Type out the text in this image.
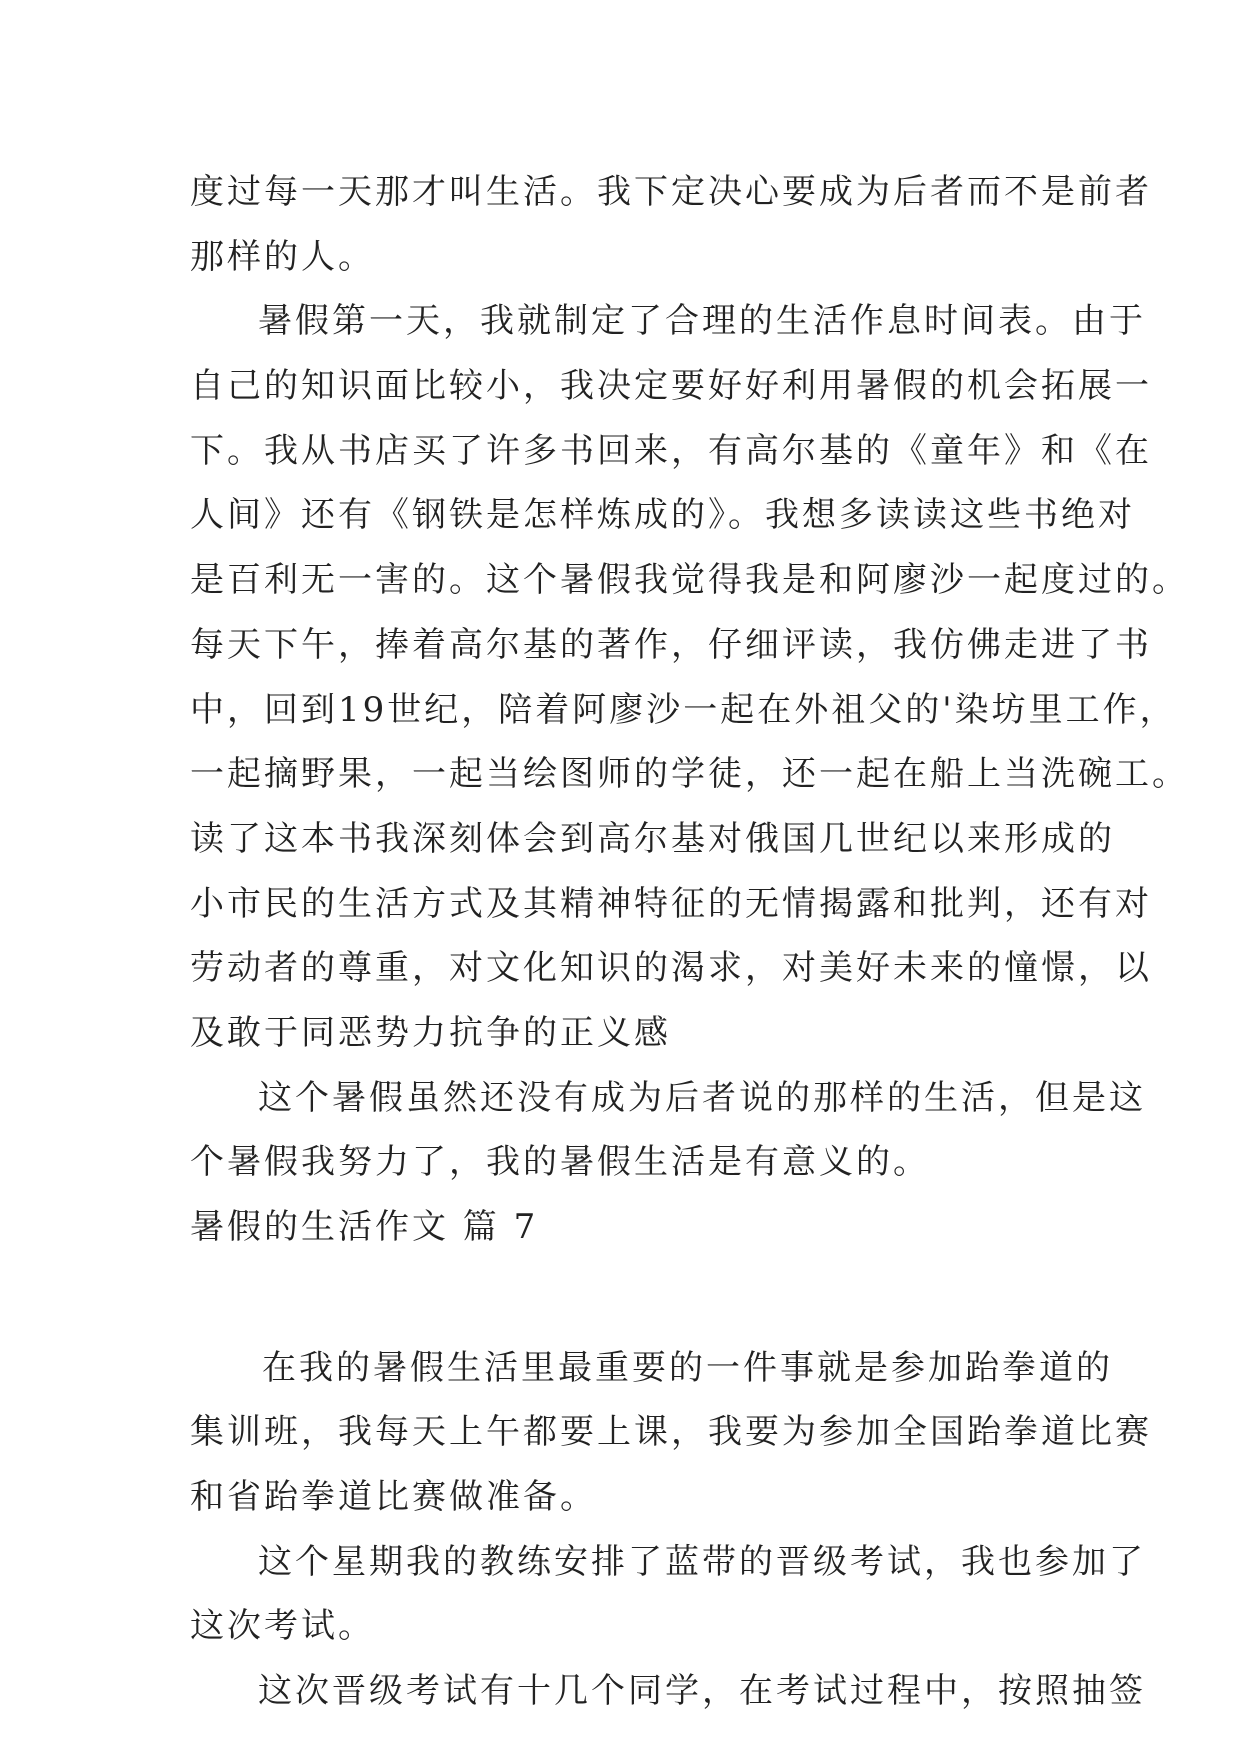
度过每一天那才叫生活。我下定决心要成为后者而不是前者
那样的人。
暑假第一天，我就制定了合理的生活作息时间表。由于
自己的知识面比较小，我决定要好好利用暑假的机会拓展一
下。我从书店买了许多书回来，有高尔基的《童年》和《在
人间》还有《钢铁是怎样炼成的》。我想多读读这些书绝对
是百利无一害的。这个暑假我觉得我是和阿廖沙一起度过的。
每天下午，捧着高尔基的著作，仔细评读，我仿佛走进了书
中，回到19世纪，陪着阿廖沙一起在外祖父的'染坊里工作，
一起摘野果，一起当绘图师的学徒，还一起在船上当洗碗工。
读了这本书我深刻体会到高尔基对俄国几世纪以来形成的
小市民的生活方式及其精神特征的无情揭露和批判，还有对
劳动者的尊重，对文化知识的渴求，对美好未来的憧憬，以
及敢于同恶势力抗争的正义感
这个暑假虽然还没有成为后者说的那样的生活，但是这
个暑假我努力了，我的暑假生活是有意义的。
暑假的生活作文 篇 7
在我的暑假生活里最重要的一件事就是参加跆拳道的
集训班，我每天上午都要上课，我要为参加全国跆拳道比赛
和省跆拳道比赛做准备。
这个星期我的教练安排了蓝带的晋级考试，我也参加了
这次考试。
这次晋级考试有十几个同学，在考试过程中，按照抽签
